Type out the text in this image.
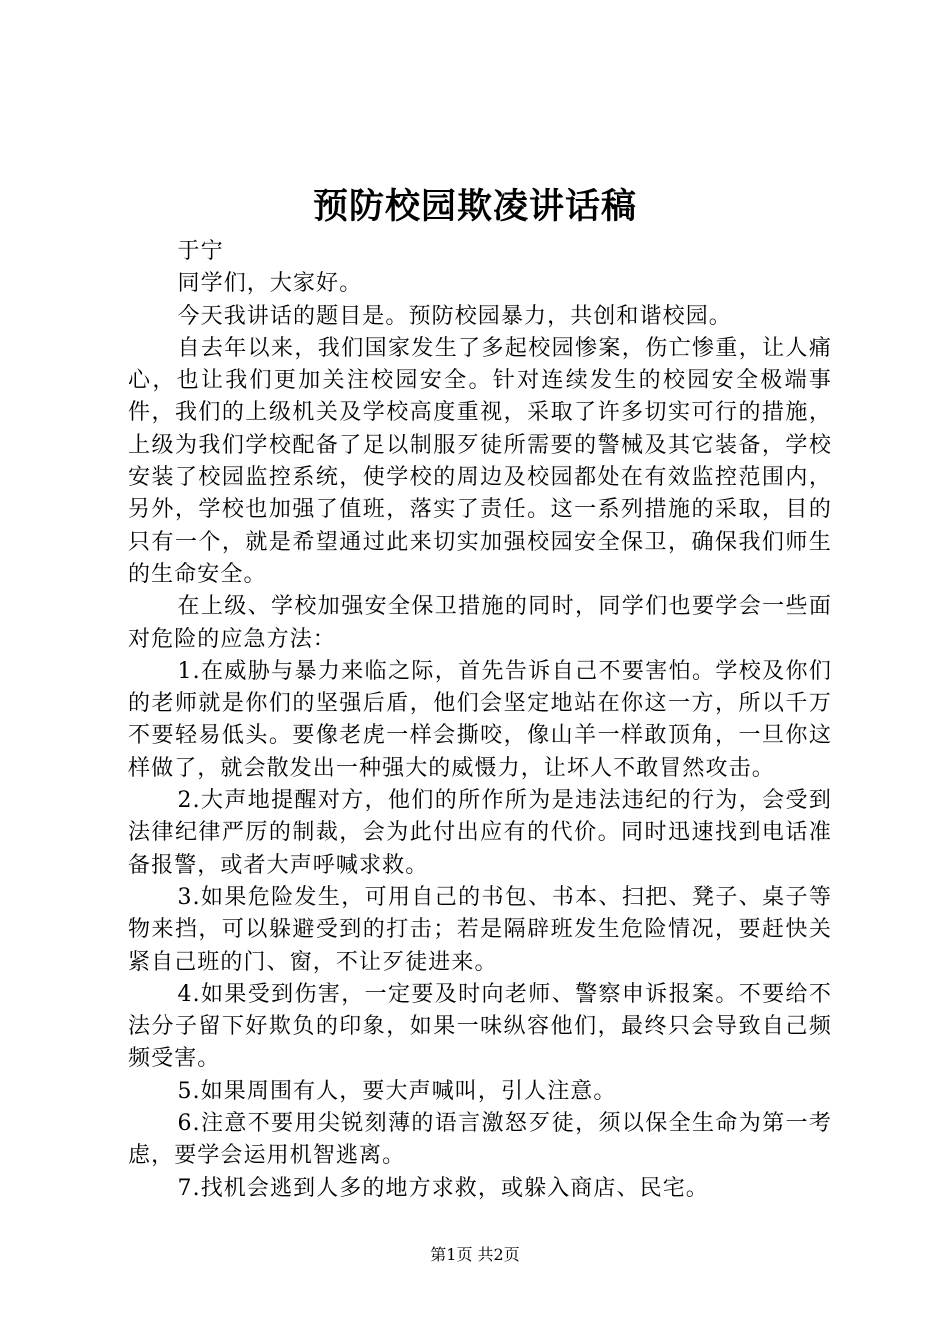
预防校园欺凌讲话稿

于宁

同学们，大家好。

今天我讲话的题目是。预防校园暴力，共创和谐校园。

自去年以来，我们国家发生了多起校园惨案，伤亡惨重，让人痛心，也让我们更加关注校园安全。针对连续发生的校园安全极端事件，我们的上级机关及学校高度重视，采取了许多切实可行的措施，上级为我们学校配备了足以制服歹徒所需要的警械及其它装备，学校安装了校园监控系统，使学校的周边及校园都处在有效监控范围内，另外，学校也加强了值班，落实了责任。这一系列措施的采取，目的只有一个，就是希望通过此来切实加强校园安全保卫，确保我们师生的生命安全。

在上级、学校加强安全保卫措施的同时，同学们也要学会一些面对危险的应急方法：

1.在威胁与暴力来临之际，首先告诉自己不要害怕。学校及你们的老师就是你们的坚强后盾，他们会坚定地站在你这一方，所以千万不要轻易低头。要像老虎一样会撕咬，像山羊一样敢顶角，一旦你这样做了，就会散发出一种强大的威慑力，让坏人不敢冒然攻击。

2.大声地提醒对方，他们的所作所为是违法违纪的行为，会受到法律纪律严厉的制裁，会为此付出应有的代价。同时迅速找到电话准备报警，或者大声呼喊求救。

3.如果危险发生，可用自己的书包、书本、扫把、凳子、桌子等物来挡，可以躲避受到的打击；若是隔辟班发生危险情况，要赶快关紧自己班的门、窗，不让歹徒进来。

4.如果受到伤害，一定要及时向老师、警察申诉报案。不要给不法分子留下好欺负的印象，如果一味纵容他们，最终只会导致自己频频受害。

5.如果周围有人，要大声喊叫，引人注意。

6.注意不要用尖锐刻薄的语言激怒歹徒，须以保全生命为第一考虑，要学会运用机智逃离。

7.找机会逃到人多的地方求救，或躲入商店、民宅。

第1页 共2页
